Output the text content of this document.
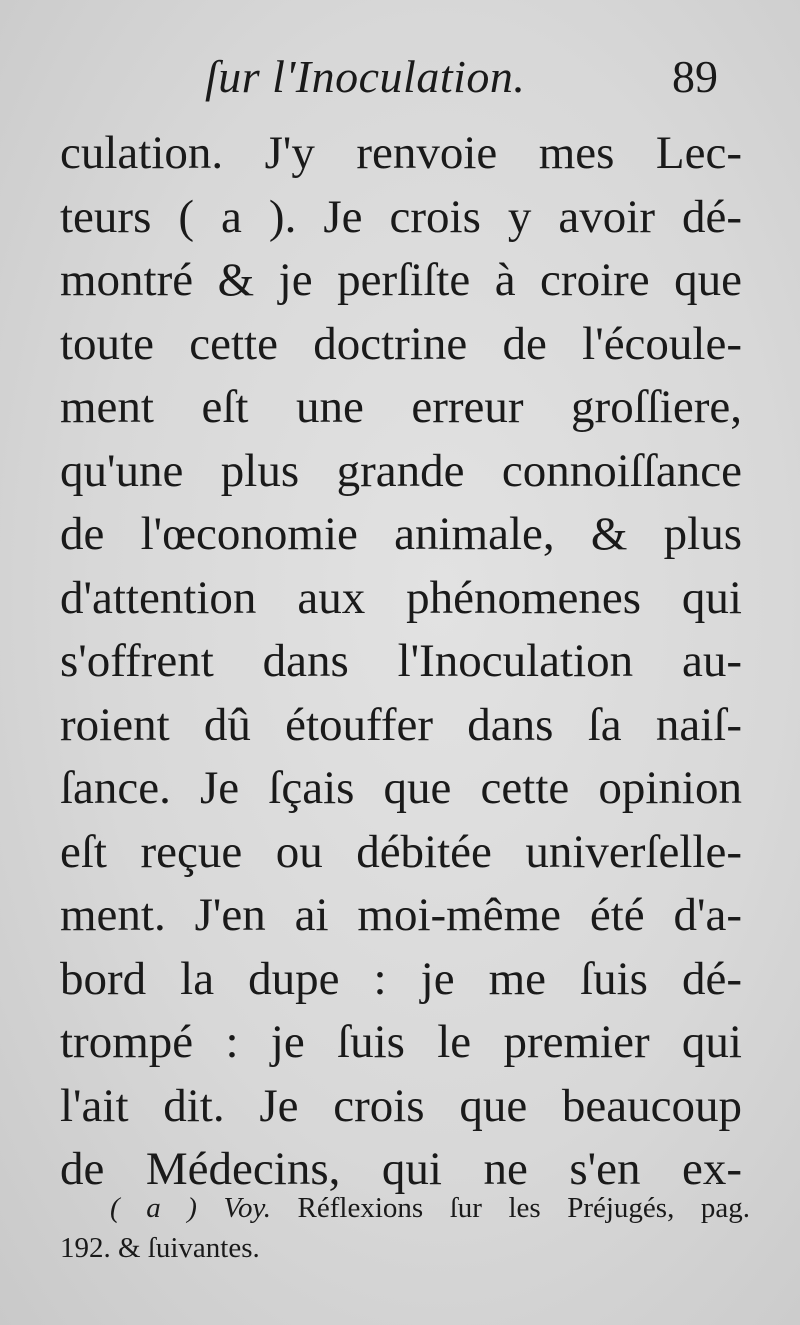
ſur l'Inoculation.	89
culation. J'y renvoie mes Lec-
teurs ( a ). Je crois y avoir dé-
montré & je perſiſte à croire que
toute cette doctrine de l'écoule-
ment eſt une erreur groſſiere,
qu'une plus grande connoiſſance
de l'œconomie animale, & plus
d'attention aux phénomenes qui
s'offrent dans l'Inoculation au-
roient dû étouffer dans ſa naiſ-
ſance. Je ſçais que cette opinion
eſt reçue ou débitée univerſelle-
ment. J'en ai moi-même été d'a-
bord la dupe : je me ſuis dé-
trompé : je ſuis le premier qui
l'ait dit. Je crois que beaucoup
de Médecins, qui ne s'en ex-
( a ) Voy. Réflexions ſur les Préjugés, pag.
192. & ſuivantes.
